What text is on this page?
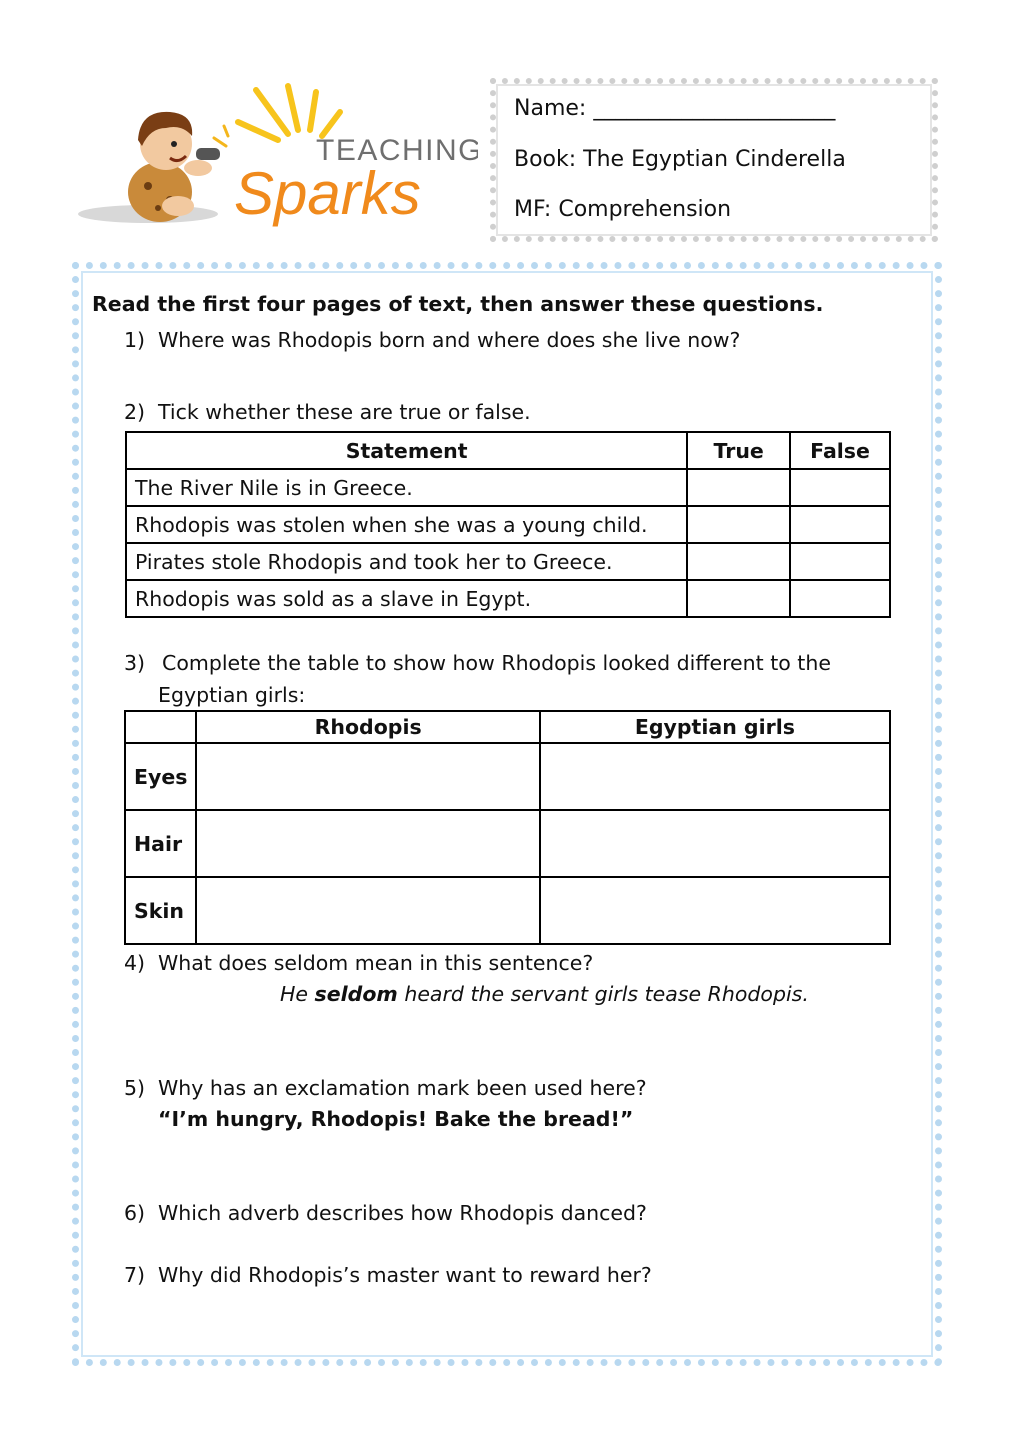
TEACHING
Sparks
Name: ______________________
Book: The Egyptian Cinderella
MF: Comprehension
Read the first four pages of text, then answer these questions.
1) Where was Rhodopis born and where does she live now?
2) Tick whether these are true or false.
Statement	True	False
The River Nile is in Greece.		
Rhodopis was stolen when she was a young child.		
Pirates stole Rhodopis and took her to Greece.		
Rhodopis was sold as a slave in Egypt.		
3) Complete the table to show how Rhodopis looked different to the
Egyptian girls:
	Rhodopis	Egyptian girls
Eyes		
Hair		
Skin		
4) What does seldom mean in this sentence?
He seldom heard the servant girls tease Rhodopis.
5) Why has an exclamation mark been used here?
“I’m hungry, Rhodopis! Bake the bread!”
6) Which adverb describes how Rhodopis danced?
7) Why did Rhodopis’s master want to reward her?
